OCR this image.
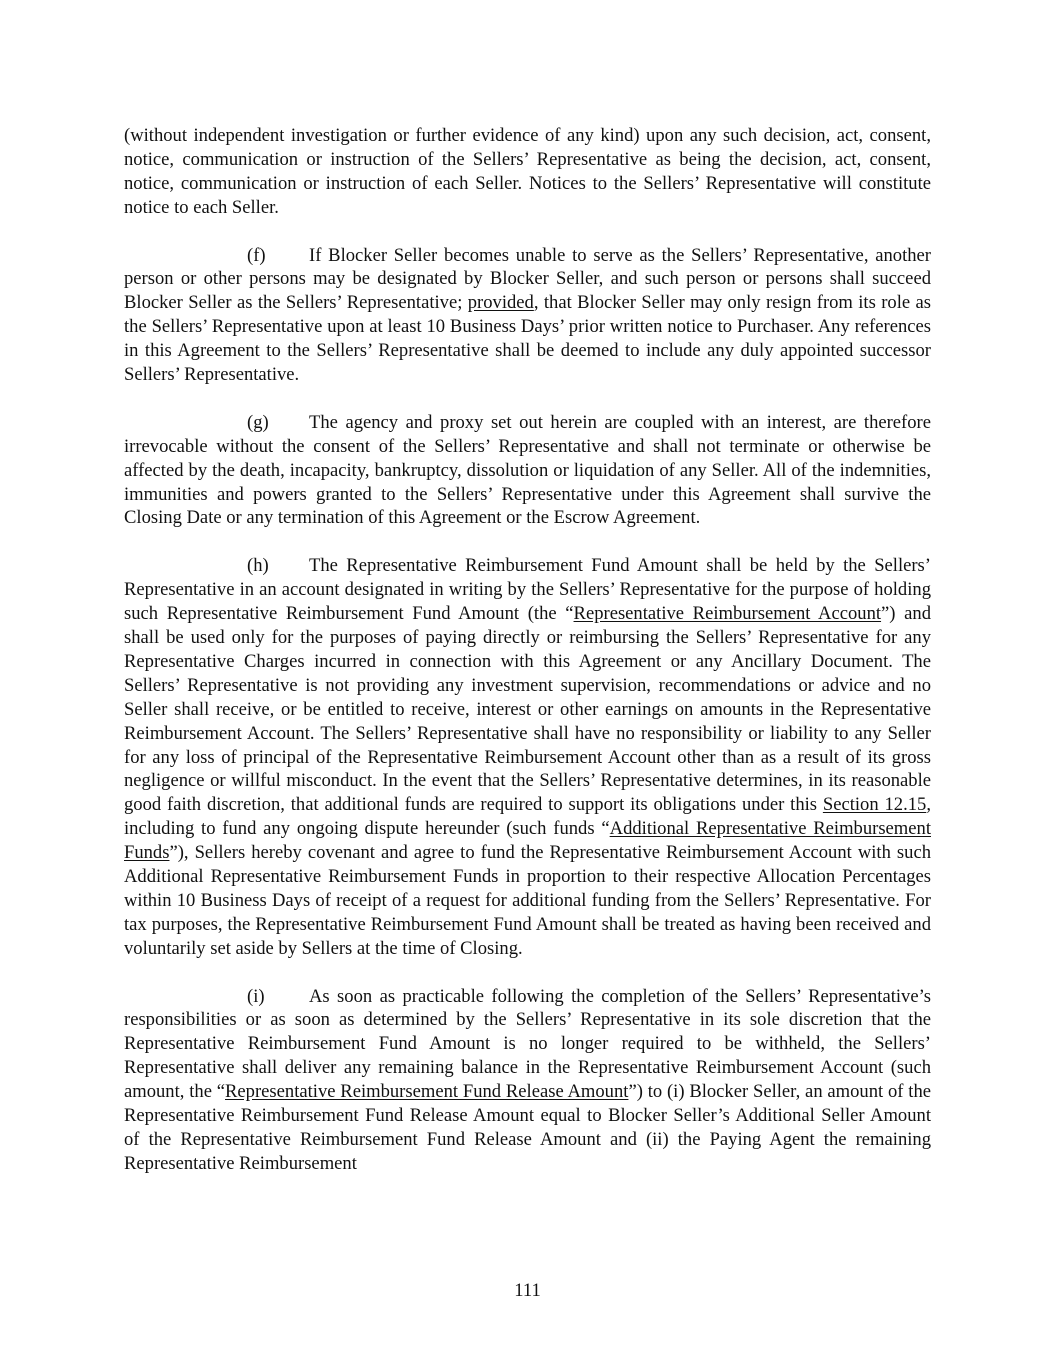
(without independent investigation or further evidence of any kind) upon any such decision, act, consent, notice, communication or instruction of the Sellers’ Representative as being the decision, act, consent, notice, communication or instruction of each Seller. Notices to the Sellers’ Representative will constitute notice to each Seller.

(f) If Blocker Seller becomes unable to serve as the Sellers’ Representative, another person or other persons may be designated by Blocker Seller, and such person or persons shall succeed Blocker Seller as the Sellers’ Representative; provided, that Blocker Seller may only resign from its role as the Sellers’ Representative upon at least 10 Business Days’ prior written notice to Purchaser. Any references in this Agreement to the Sellers’ Representative shall be deemed to include any duly appointed successor Sellers’ Representative.

(g) The agency and proxy set out herein are coupled with an interest, are therefore irrevocable without the consent of the Sellers’ Representative and shall not terminate or otherwise be affected by the death, incapacity, bankruptcy, dissolution or liquidation of any Seller. All of the indemnities, immunities and powers granted to the Sellers’ Representative under this Agreement shall survive the Closing Date or any termination of this Agreement or the Escrow Agreement.

(h) The Representative Reimbursement Fund Amount shall be held by the Sellers’ Representative in an account designated in writing by the Sellers’ Representative for the purpose of holding such Representative Reimbursement Fund Amount (the “Representative Reimbursement Account”) and shall be used only for the purposes of paying directly or reimbursing the Sellers’ Representative for any Representative Charges incurred in connection with this Agreement or any Ancillary Document. The Sellers’ Representative is not providing any investment supervision, recommendations or advice and no Seller shall receive, or be entitled to receive, interest or other earnings on amounts in the Representative Reimbursement Account. The Sellers’ Representative shall have no responsibility or liability to any Seller for any loss of principal of the Representative Reimbursement Account other than as a result of its gross negligence or willful misconduct. In the event that the Sellers’ Representative determines, in its reasonable good faith discretion, that additional funds are required to support its obligations under this Section 12.15, including to fund any ongoing dispute hereunder (such funds “Additional Representative Reimbursement Funds”), Sellers hereby covenant and agree to fund the Representative Reimbursement Account with such Additional Representative Reimbursement Funds in proportion to their respective Allocation Percentages within 10 Business Days of receipt of a request for additional funding from the Sellers’ Representative. For tax purposes, the Representative Reimbursement Fund Amount shall be treated as having been received and voluntarily set aside by Sellers at the time of Closing.

(i) As soon as practicable following the completion of the Sellers’ Representative’s responsibilities or as soon as determined by the Sellers’ Representative in its sole discretion that the Representative Reimbursement Fund Amount is no longer required to be withheld, the Sellers’ Representative shall deliver any remaining balance in the Representative Reimbursement Account (such amount, the “Representative Reimbursement Fund Release Amount”) to (i) Blocker Seller, an amount of the Representative Reimbursement Fund Release Amount equal to Blocker Seller’s Additional Seller Amount of the Representative Reimbursement Fund Release Amount and (ii) the Paying Agent the remaining Representative Reimbursement

111
